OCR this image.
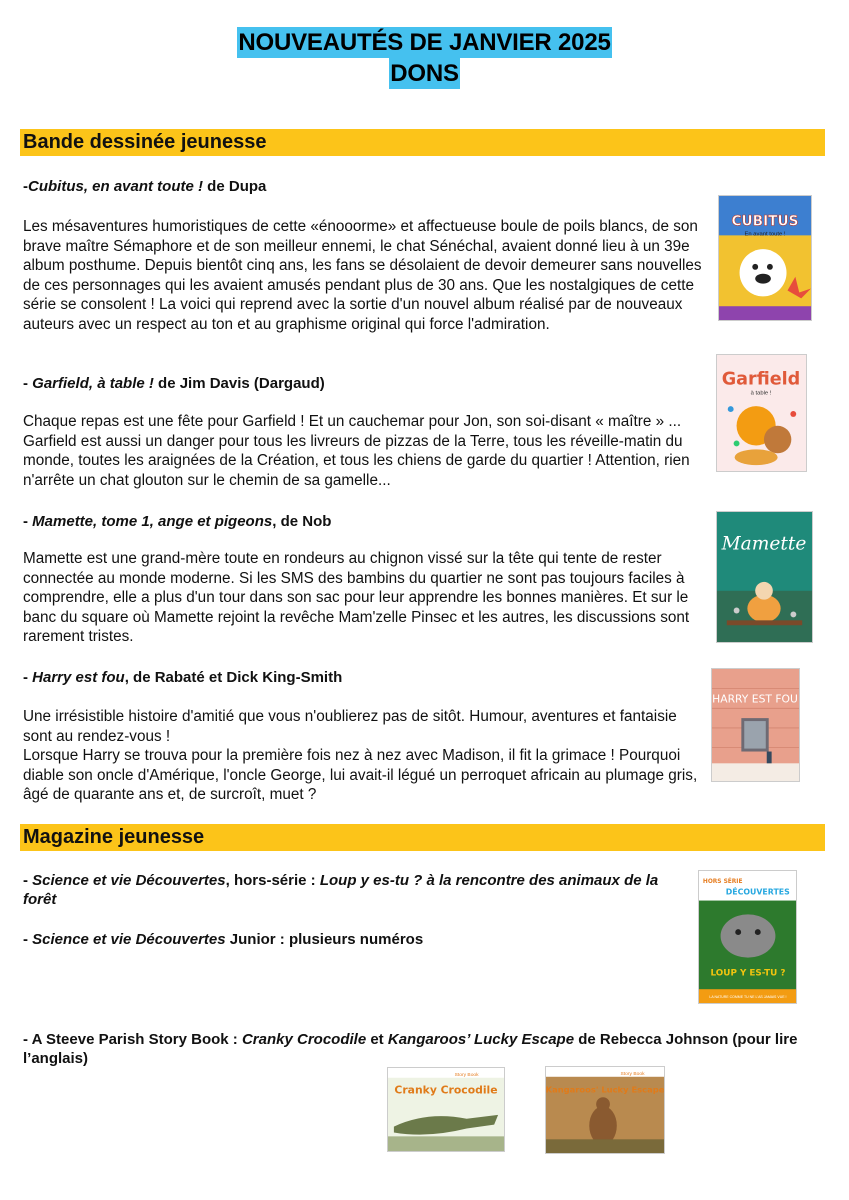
NOUVEAUTÉS DE JANVIER 2025
DONS
Bande dessinée jeunesse
-Cubitus, en avant toute ! de Dupa
Les mésaventures humoristiques de cette «énooorme» et affectueuse boule de poils blancs, de son brave maître Sémaphore et de son meilleur ennemi, le chat Sénéchal, avaient donné lieu à un 39e album posthume. Depuis bientôt cinq ans, les fans se désolaient de devoir demeurer sans nouvelles de ces personnages qui les avaient amusés pendant plus de 30 ans. Que les nostalgiques de cette série se consolent ! La voici qui reprend avec la sortie d'un nouvel album réalisé par de nouveaux auteurs avec un respect au ton et au graphisme original qui force l'admiration.
CUBITUS
En avant toute !
- Garfield, à table ! de Jim Davis (Dargaud)
Chaque repas est une fête pour Garfield ! Et un cauchemar pour Jon, son soi-disant « maître » ... Garfield est aussi un danger pour tous les livreurs de pizzas de la Terre, tous les réveille-matin du monde, toutes les araignées de la Création, et tous les chiens de garde du quartier ! Attention, rien n'arrête un chat glouton sur le chemin de sa gamelle...
Garfield
à table !
- Mamette, tome 1, ange et pigeons, de Nob
Mamette est une grand-mère toute en rondeurs au chignon vissé sur la tête qui tente de rester connectée au monde moderne. Si les SMS des bambins du quartier ne sont pas toujours faciles à comprendre, elle a plus d'un tour dans son sac pour leur apprendre les bonnes manières. Et sur le banc du square où Mamette rejoint la revêche Mam'zelle Pinsec et les autres, les discussions sont rarement tristes.
Mamette
- Harry est fou, de Rabaté et Dick King-Smith
Une irrésistible histoire d'amitié que vous n'oublierez pas de sitôt. Humour, aventures et fantaisie sont au rendez-vous !
Lorsque Harry se trouva pour la première fois nez à nez avec Madison, il fit la grimace ! Pourquoi diable son oncle d'Amérique, l'oncle George, lui avait-il légué un perroquet africain au plumage gris, âgé de quarante ans et, de surcroît, muet ?
HARRY EST FOU
Magazine jeunesse
- Science et vie Découvertes, hors-série : Loup y es-tu ? à la rencontre des animaux de la forêt
- Science et vie Découvertes Junior : plusieurs numéros
HORS SÉRIE
DÉCOUVERTES
LOUP Y ES-TU ?
LA NATURE COMME TU NE L'AS JAMAIS VUE !
- A Steeve Parish Story Book : Cranky Crocodile et Kangaroos’ Lucky Escape de Rebecca Johnson (pour lire l’anglais)
Story Book
Cranky Crocodile
Story Book
Kangaroos' Lucky Escape
